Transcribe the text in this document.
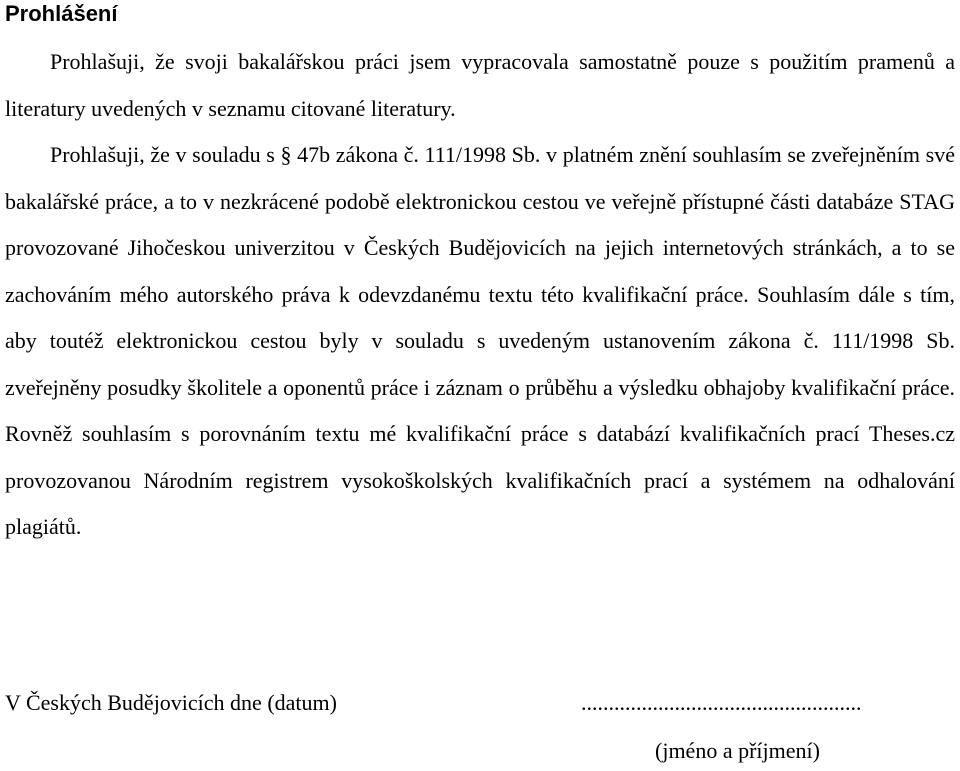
Prohlášení

Prohlašuji, že svoji bakalářskou práci jsem vypracovala samostatně pouze s použitím pramenů a literatury uvedených v seznamu citované literatury.

Prohlašuji, že v souladu s § 47b zákona č. 111/1998 Sb. v platném znění souhlasím se zveřejněním své bakalářské práce, a to v nezkrácené podobě elektronickou cestou ve veřejně přístupné části databáze STAG provozované Jihočeskou univerzitou v Českých Budějovicích na jejich internetových stránkách, a to se zachováním mého autorského práva k odevzdanému textu této kvalifikační práce. Souhlasím dále s tím, aby toutéž elektronickou cestou byly v souladu s uvedeným ustanovením zákona č. 111/1998 Sb. zveřejněny posudky školitele a oponentů práce i záznam o průběhu a výsledku obhajoby kvalifikační práce. Rovněž souhlasím s porovnáním textu mé kvalifikační práce s databází kvalifikačních prací Theses.cz provozovanou Národním registrem vysokoškolských kvalifikačních prací a systémem na odhalování plagiátů.

V Českých Budějovicích dne (datum)	...................................................
(jméno a příjmení)
